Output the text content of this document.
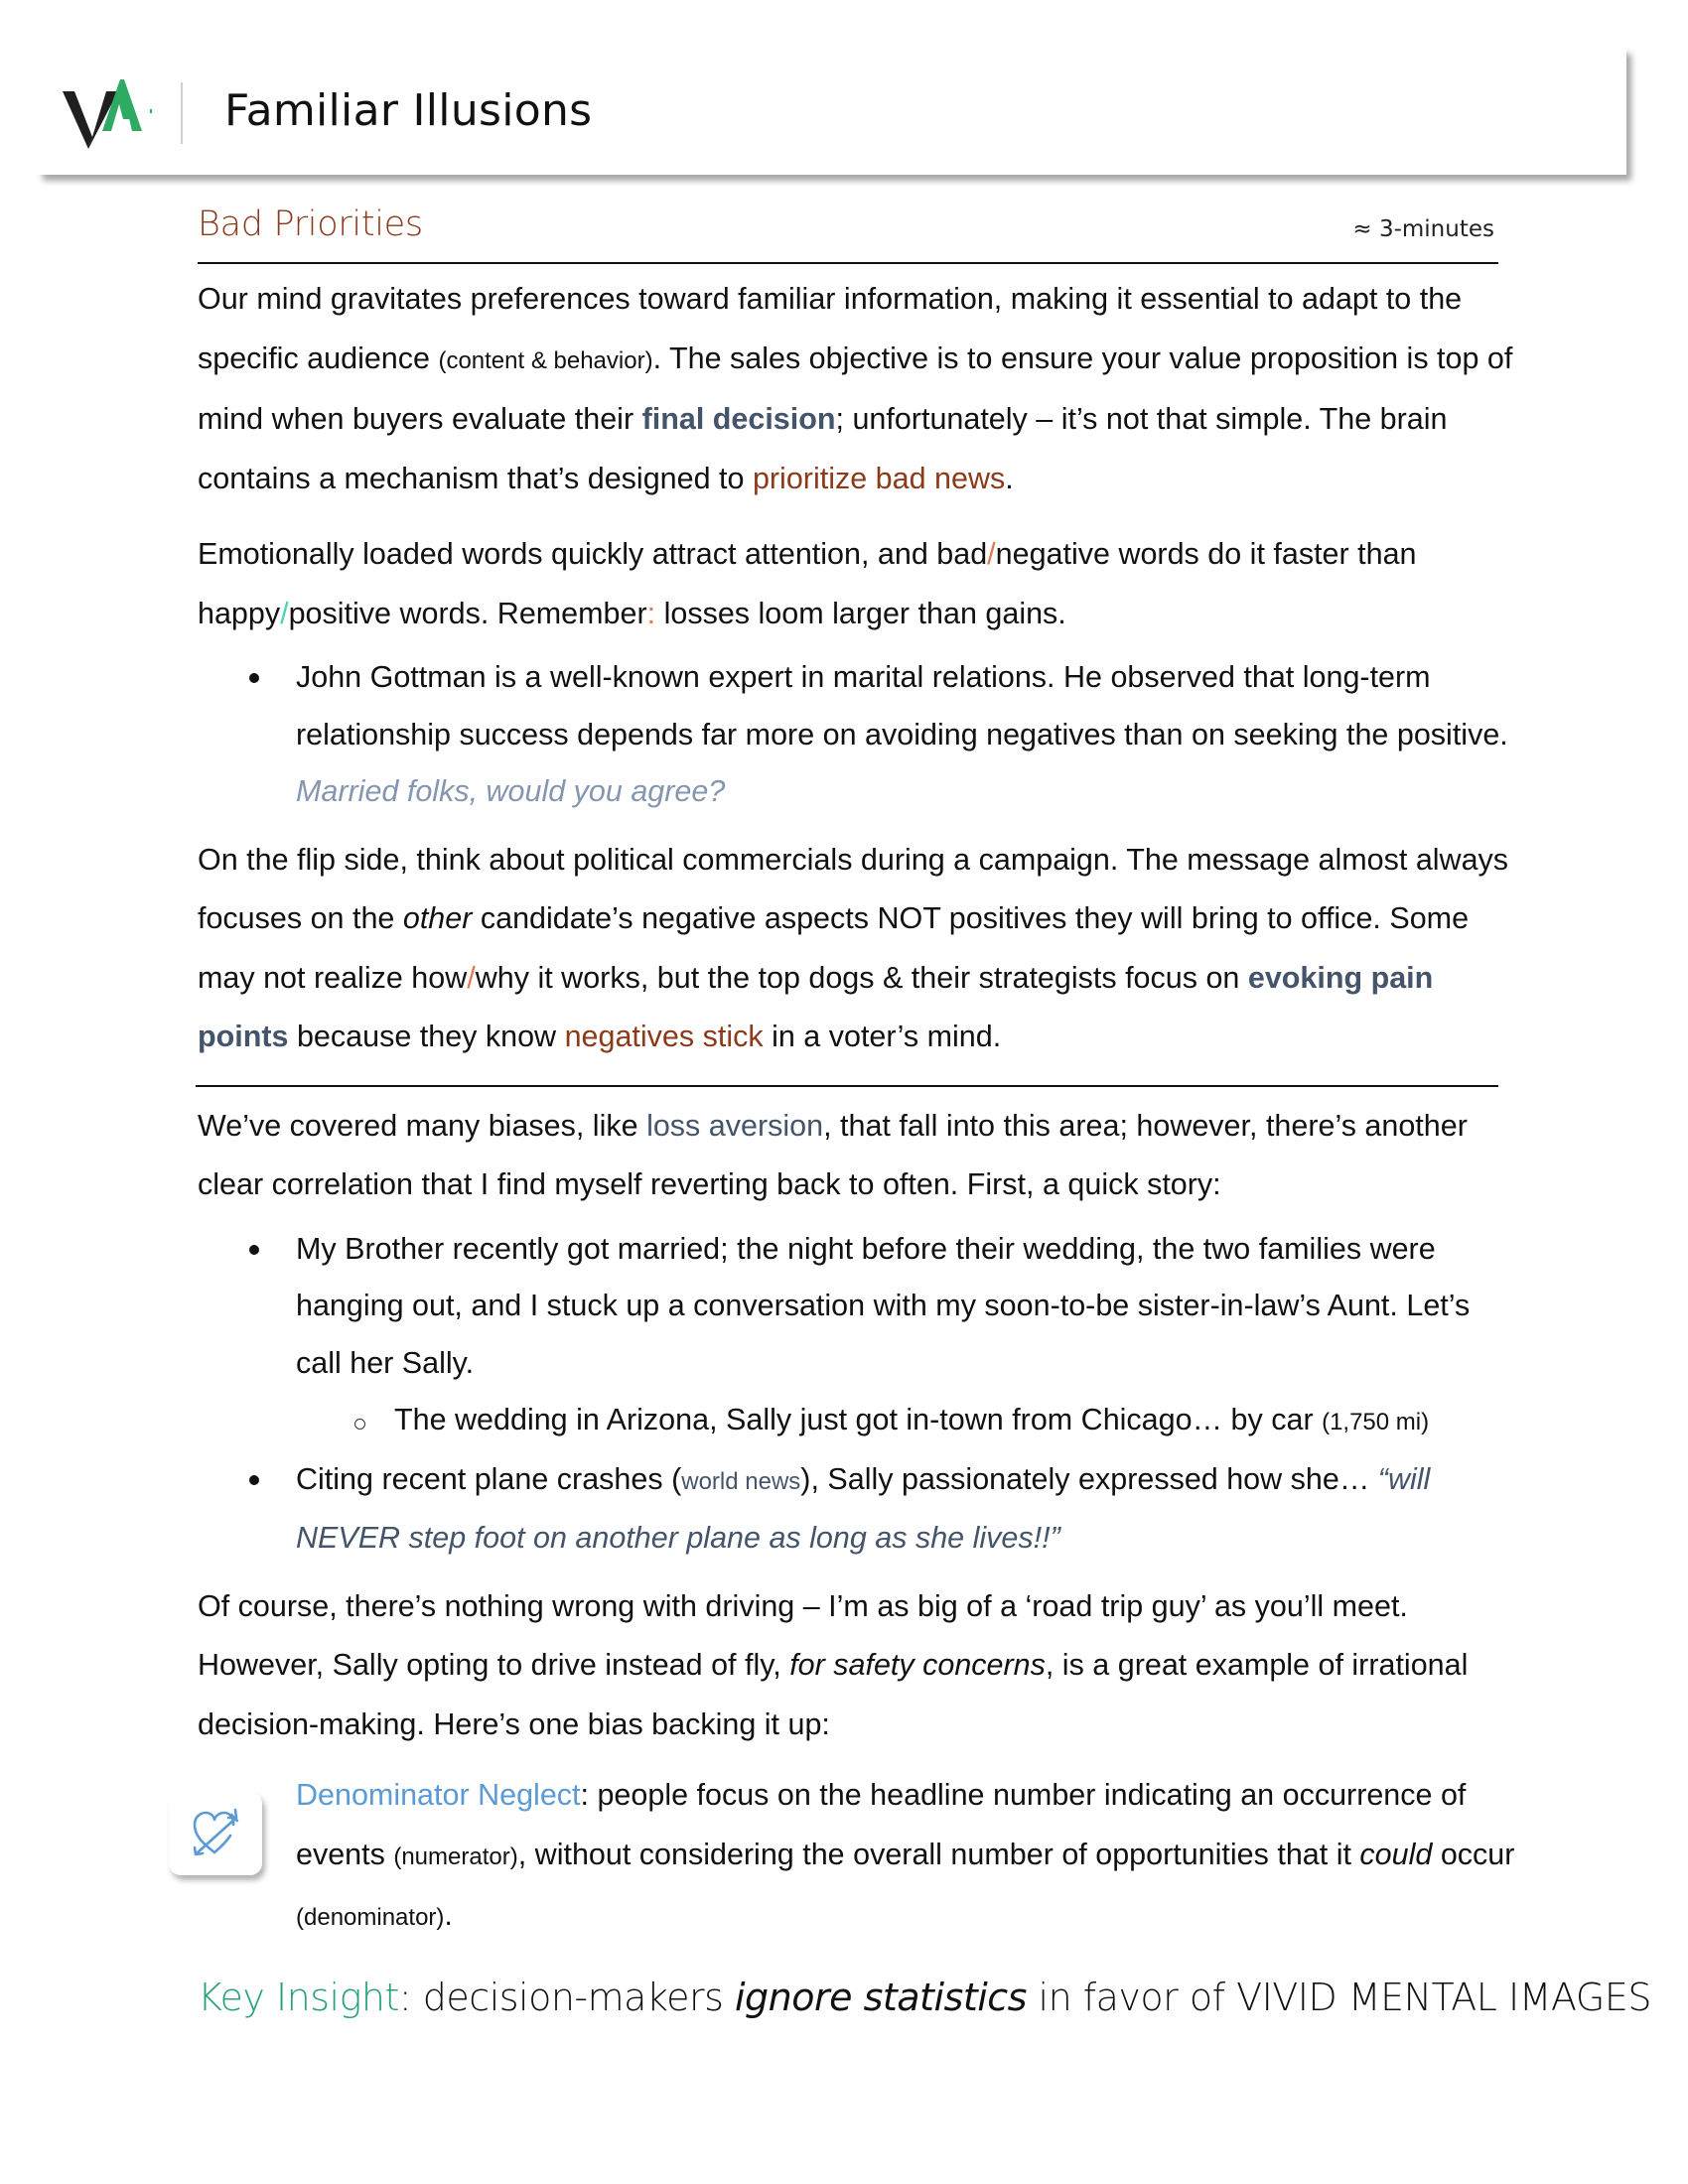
Familiar Illusions
Bad Priorities	≈ 3-minutes

Our mind gravitates preferences toward familiar information, making it essential to adapt to the specific audience (content & behavior). The sales objective is to ensure your value proposition is top of mind when buyers evaluate their final decision; unfortunately – it’s not that simple. The brain contains a mechanism that’s designed to prioritize bad news.

Emotionally loaded words quickly attract attention, and bad/negative words do it faster than happy/positive words. Remember: losses loom larger than gains.

John Gottman is a well-known expert in marital relations. He observed that long-term relationship success depends far more on avoiding negatives than on seeking the positive. Married folks, would you agree?

On the flip side, think about political commercials during a campaign. The message almost always focuses on the other candidate’s negative aspects NOT positives they will bring to office. Some may not realize how/why it works, but the top dogs & their strategists focus on evoking pain points because they know negatives stick in a voter’s mind.

We’ve covered many biases, like loss aversion, that fall into this area; however, there’s another clear correlation that I find myself reverting back to often. First, a quick story:

My Brother recently got married; the night before their wedding, the two families were hanging out, and I stuck up a conversation with my soon-to-be sister-in-law’s Aunt. Let’s call her Sally.
The wedding in Arizona, Sally just got in-town from Chicago… by car (1,750 mi)
Citing recent plane crashes (world news), Sally passionately expressed how she… “will NEVER step foot on another plane as long as she lives!!”

Of course, there’s nothing wrong with driving – I’m as big of a ‘road trip guy’ as you’ll meet. However, Sally opting to drive instead of fly, for safety concerns, is a great example of irrational decision-making. Here’s one bias backing it up:

Denominator Neglect: people focus on the headline number indicating an occurrence of events (numerator), without considering the overall number of opportunities that it could occur (denominator).

Key Insight: decision-makers ignore statistics in favor of VIVID MENTAL IMAGES
